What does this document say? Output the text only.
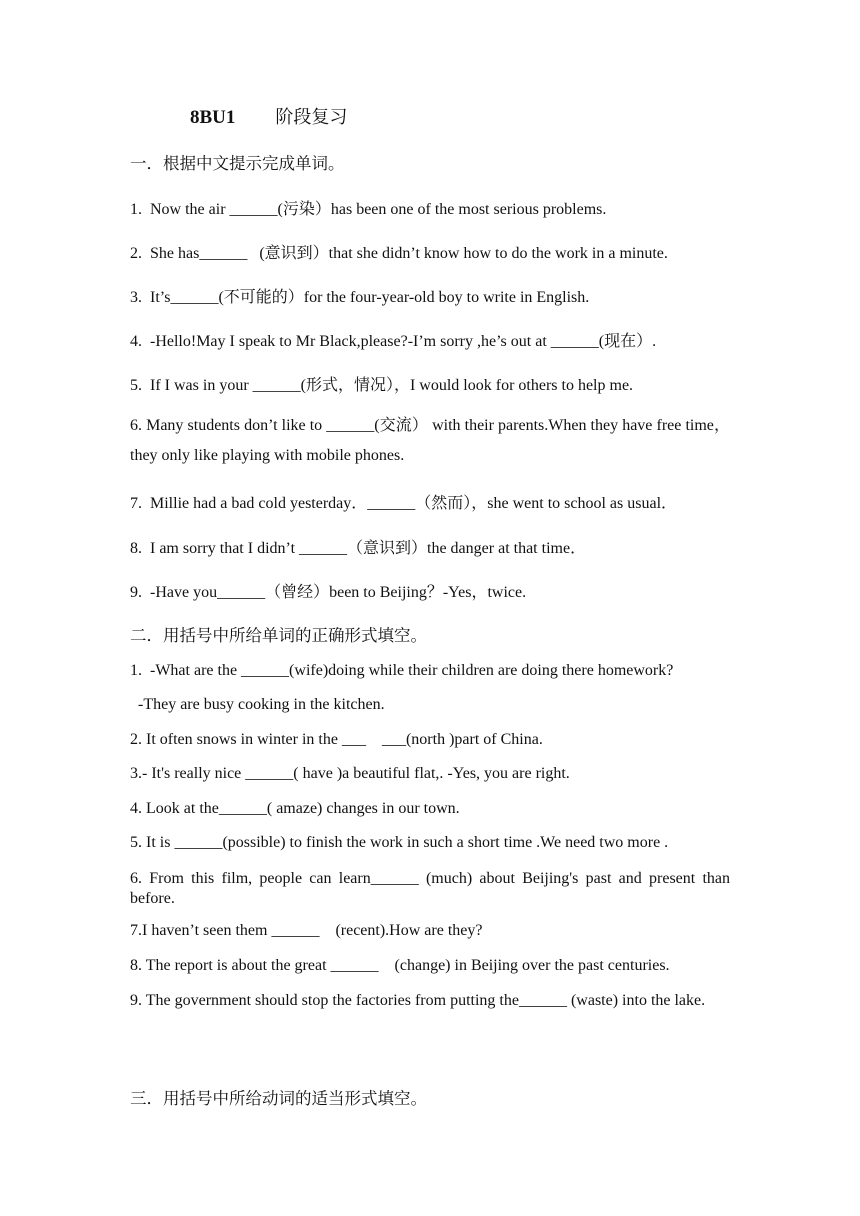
8BU1 阶段复习
一．根据中文提示完成单词。
1.  Now the air ______(污染）has been one of the most serious problems.
2.  She has______   (意识到）that she didn’t know how to do the work in a minute.
3.  It’s______(不可能的）for the four-year-old boy to write in English.
4.  -Hello!May I speak to Mr Black,please?-I’m sorry ,he’s out at ______(现在）.
5.  If I was in your ______(形式，情况），I would look for others to help me.
6. Many students don’t like to ______(交流） with their parents.When they have free time，they only like playing with mobile phones.
7.  Millie had a bad cold yesterday．______（然而），she went to school as usual．
8.  I am sorry that I didn’t ______（意识到）the danger at that time．
9.  -Have you______（曾经）been to Beijing？-Yes，twice.
二．用括号中所给单词的正确形式填空。
1.  -What are the ______(wife)doing while their children are doing there homework?
-They are busy cooking in the kitchen.
2. It often snows in winter in the ___    ___(north )part of China.
3.- It's really nice ______( have )a beautiful flat,. -Yes, you are right.
4. Look at the______( amaze) changes in our town.
5. It is ______(possible) to finish the work in such a short time .We need two more .
6. From this film, people can learn______ (much) about Beijing's past and present than before.
7.I haven’t seen them ______    (recent).How are they?
8. The report is about the great ______    (change) in Beijing over the past centuries.
9. The government should stop the factories from putting the______ (waste) into the lake.
三．用括号中所给动词的适当形式填空。
